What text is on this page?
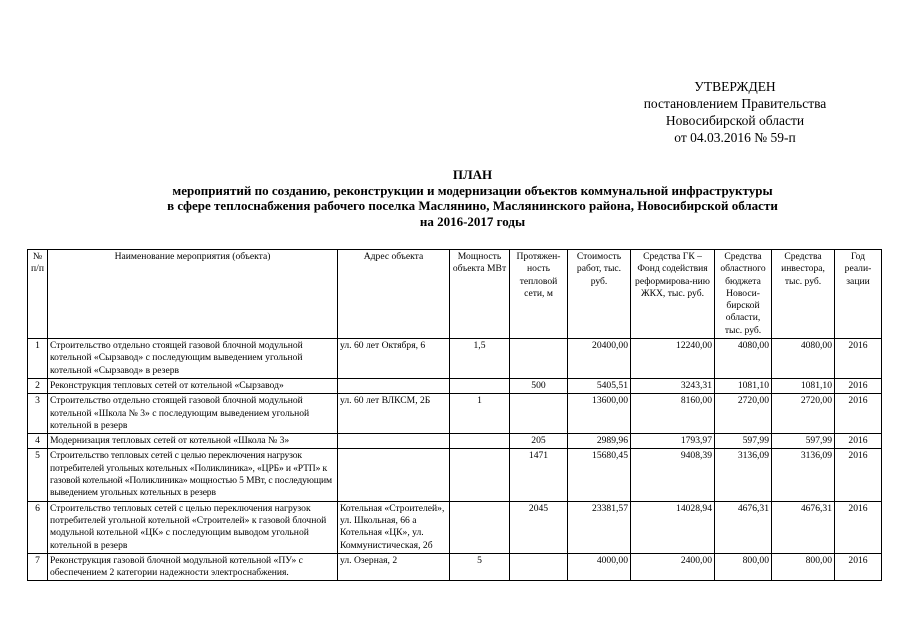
УТВЕРЖДЕН
постановлением Правительства
Новосибирской области
от 04.03.2016 № 59-п
ПЛАН
мероприятий по созданию, реконструкции и модернизации объектов коммунальной инфраструктуры
в сфере теплоснабжения рабочего поселка Маслянино, Маслянинского района, Новосибирской области
на 2016-2017 годы
№ п/п	Наименование мероприятия (объекта)	Адрес объекта	Мощность объекта МВт	Протяжен-ность тепловой сети, м	Стоимость работ, тыс. руб.	Средства ГК – Фонд содействия реформирова-нию ЖКХ, тыс. руб.	Средства областного бюджета Новоси-бирской области, тыс. руб.	Средства инвестора, тыс. руб.	Год реали-зации
1	Строительство отдельно стоящей газовой блочной модульной котельной «Сырзавод» с последующим выведением угольной котельной «Сырзавод» в резерв	ул. 60 лет Октября, 6	1,5		20400,00	12240,00	4080,00	4080,00	2016
2	Реконструкция тепловых сетей от котельной «Сырзавод»			500	5405,51	3243,31	1081,10	1081,10	2016
3	Строительство отдельно стоящей газовой блочной модульной котельной «Школа № 3» с последующим выведением угольной котельной в резерв	ул. 60 лет ВЛКСМ, 2Б	1		13600,00	8160,00	2720,00	2720,00	2016
4	Модернизация тепловых сетей от котельной «Школа № 3»			205	2989,96	1793,97	597,99	597,99	2016
5	Строительство тепловых сетей с целью переключения нагрузок потребителей угольных котельных «Поликлиника», «ЦРБ» и «РТП» к газовой котельной «Поликлиника» мощностью 5 МВт, с последующим выведением угольных котельных в резерв			1471	15680,45	9408,39	3136,09	3136,09	2016
6	Строительство тепловых сетей с целью переключения нагрузок потребителей угольной котельной «Строителей» к газовой блочной модульной котельной «ЦК» с последующим выводом угольной котельной в резерв	Котельная «Строителей», ул. Школьная, 66 а Котельная «ЦК», ул. Коммунистическая, 2б		2045	23381,57	14028,94	4676,31	4676,31	2016
7	Реконструкция газовой блочной модульной котельной «ПУ» с обеспечением 2 категории надежности электроснабжения.	ул. Озерная, 2	5		4000,00	2400,00	800,00	800,00	2016
